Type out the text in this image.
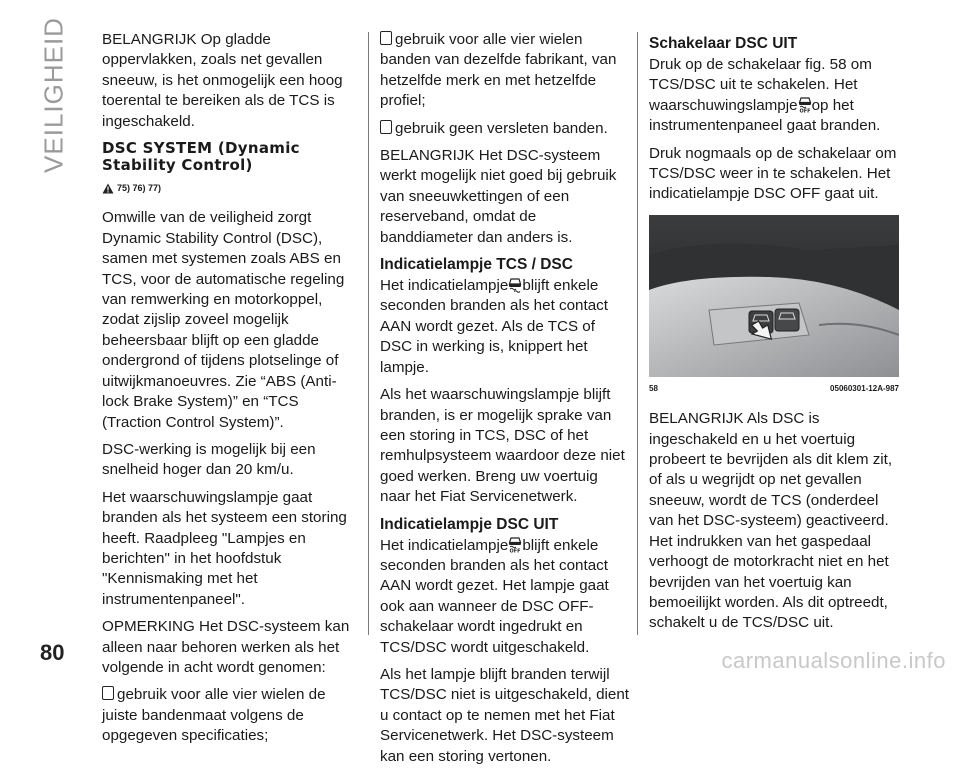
VEILIGHEID BELANGRIJK Op gladde oppervlakken, zoals net gevallen sneeuw, is het onmogelijk een hoog toerental te bereiken als de TCS is ingeschakeld.

DSC SYSTEM (Dynamic
Stability Control)
75) 76) 77)

Omwille van de veiligheid zorgt Dynamic Stability Control (DSC), samen met systemen zoals ABS en TCS, voor de automatische regeling van remwerking en motorkoppel, zodat zijslip zoveel mogelijk beheersbaar blijft op een gladde ondergrond of tijdens plotselinge of uitwijkmanoeuvres. Zie “ABS (Anti-lock Brake System)” en “TCS (Traction Control System)”.

DSC-werking is mogelijk bij een snelheid hoger dan 20 km/u.

Het waarschuwingslampje gaat branden als het systeem een storing heeft. Raadpleeg "Lampjes en berichten" in het hoofdstuk "Kennismaking met het instrumentenpaneel".

OPMERKING Het DSC-systeem kan alleen naar behoren werken als het volgende in acht wordt genomen:

gebruik voor alle vier wielen de juiste bandenmaat volgens de opgegeven specificaties;

gebruik voor alle vier wielen banden van dezelfde fabrikant, van hetzelfde merk en met hetzelfde profiel;

gebruik geen versleten banden.

BELANGRIJK Het DSC-systeem werkt mogelijk niet goed bij gebruik van sneeuwkettingen of een reserveband, omdat de banddiameter dan anders is.

Indicatielampje TCS / DSC

Het indicatielampje blijft enkele seconden branden als het contact AAN wordt gezet. Als de TCS of DSC in werking is, knippert het lampje.

Als het waarschuwingslampje blijft branden, is er mogelijk sprake van een storing in TCS, DSC of het remhulpsysteem waardoor deze niet goed werken. Breng uw voertuig naar het Fiat Servicenetwerk.

Indicatielampje DSC UIT

Het indicatielampje OFF blijft enkele seconden branden als het contact AAN wordt gezet. Het lampje gaat ook aan wanneer de DSC OFF-schakelaar wordt ingedrukt en TCS/DSC wordt uitgeschakeld.

Als het lampje blijft branden terwijl TCS/DSC niet is uitgeschakeld, dient u contact op te nemen met het Fiat Servicenetwerk. Het DSC-systeem kan een storing vertonen.

Schakelaar DSC UIT

Druk op de schakelaar fig. 58 om TCS/DSC uit te schakelen. Het waarschuwingslampje OFF op het instrumentenpaneel gaat branden.

Druk nogmaals op de schakelaar om TCS/DSC weer in te schakelen. Het indicatielampje DSC OFF gaat uit.

58	05060301-12A-987

BELANGRIJK Als DSC is ingeschakeld en u het voertuig probeert te bevrijden als dit klem zit, of als u wegrijdt op net gevallen sneeuw, wordt de TCS (onderdeel van het DSC-systeem) geactiveerd. Het indrukken van het gaspedaal verhoogt de motorkracht niet en het bevrijden van het voertuig kan bemoeilijkt worden. Als dit optreedt, schakelt u de TCS/DSC uit.

80	carmanualsonline.info
